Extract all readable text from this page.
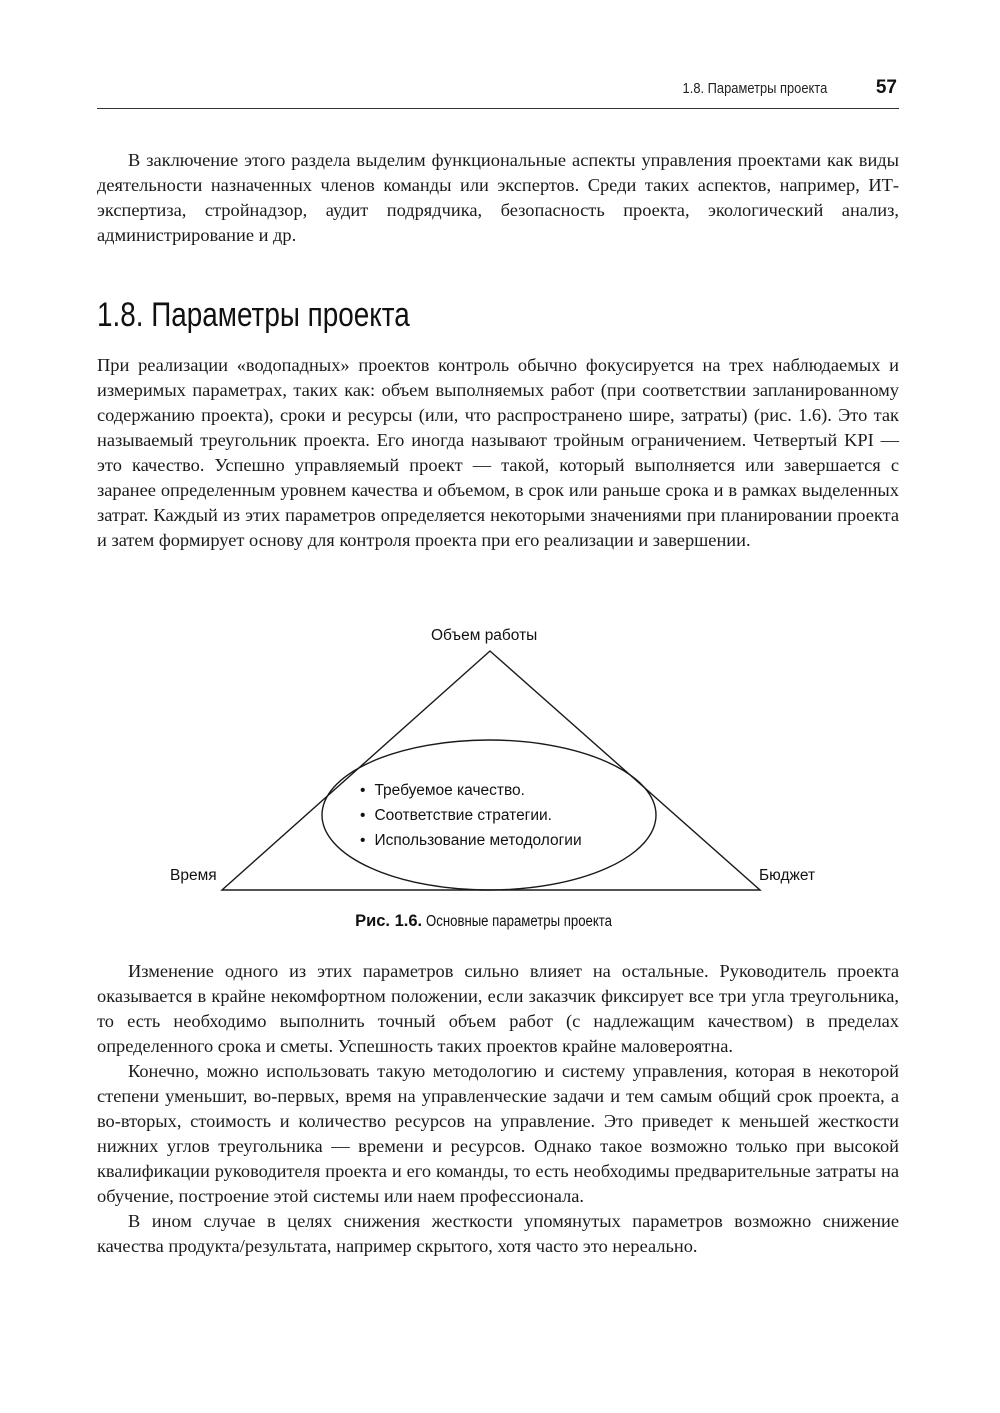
1.8. Параметры проекта	57

В заключение этого раздела выделим функциональные аспекты управления проектами как виды деятельности назначенных членов команды или экспертов. Среди таких аспектов, например, ИТ-экспертиза, стройнадзор, аудит подрядчика, безопасность проекта, экологический анализ, администрирование и др.

1.8. Параметры проекта

При реализации «водопадных» проектов контроль обычно фокусируется на трех наблюдаемых и измеримых параметрах, таких как: объем выполняемых работ (при соответствии запланированному содержанию проекта), сроки и ресурсы (или, что распространено шире, затраты) (рис. 1.6). Это так называемый треугольник проекта. Его иногда называют тройным ограничением. Четвертый KPI — это качество. Успешно управляемый проект — такой, который выполняется или завершается с заранее определенным уровнем качества и объемом, в срок или раньше срока и в рамках выделенных затрат. Каждый из этих параметров определяется некоторыми значениями при планировании проекта и затем формирует основу для контроля проекта при его реализации и завершении.

Объем работы
Время	Бюджет
• Требуемое качество.
• Соответствие стратегии.
• Использование методологии
Рис. 1.6. Основные параметры проекта

Изменение одного из этих параметров сильно влияет на остальные. Руководитель проекта оказывается в крайне некомфортном положении, если заказчик фиксирует все три угла треугольника, то есть необходимо выполнить точный объем работ (с надлежащим качеством) в пределах определенного срока и сметы. Успешность таких проектов крайне маловероятна.

Конечно, можно использовать такую методологию и систему управления, которая в некоторой степени уменьшит, во-первых, время на управленческие задачи и тем самым общий срок проекта, а во-вторых, стоимость и количество ресурсов на управление. Это приведет к меньшей жесткости нижних углов треугольника — времени и ресурсов. Однако такое возможно только при высокой квалификации руководителя проекта и его команды, то есть необходимы предварительные затраты на обучение, построение этой системы или наем профессионала.

В ином случае в целях снижения жесткости упомянутых параметров возможно снижение качества продукта/результата, например скрытого, хотя часто это нереально.
